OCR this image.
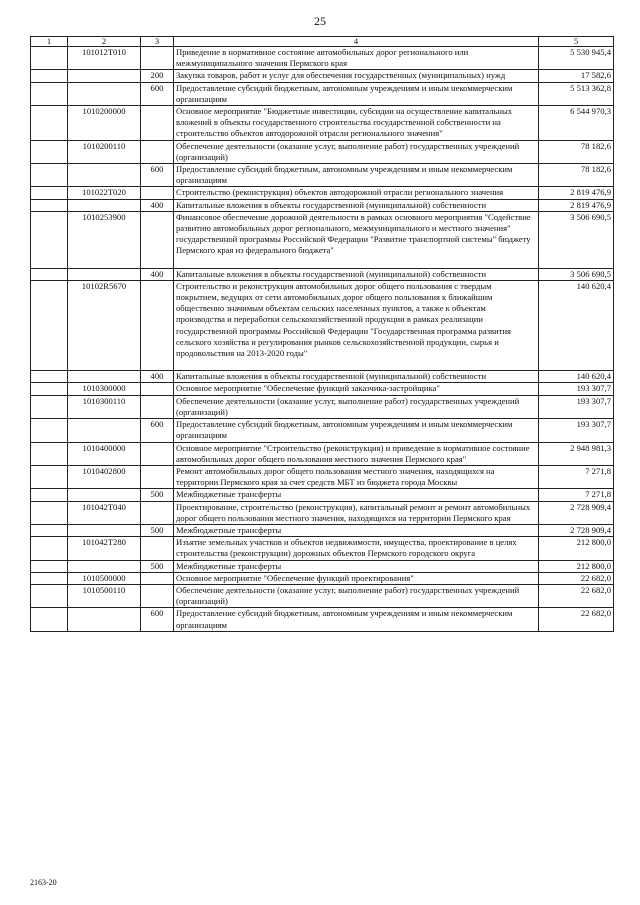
25
1	2	3	4	5
	101012Т010		Приведение в нормативное состояние автомобильных дорог регионального или межмуниципального значения Пермского края	5 530 945,4
		200	Закупка товаров, работ и услуг для обеспечения государственных (муниципальных) нужд	17 582,6
		600	Предоставление субсидий бюджетным, автономным учреждениям и иным некоммерческим организациям	5 513 362,8
	1010200000		Основное мероприятие "Бюджетные инвестиции, субсидии на осуществление капитальных вложений в объекты государственного строительства государственной собственности на строительство объектов автодорожной отрасли регионального значения"	6 544 970,3
	1010200110		Обеспечение деятельности (оказание услуг, выполнение работ) государственных учреждений (организаций)	78 182,6
		600	Предоставление субсидий бюджетным, автономным учреждениям и иным некоммерческим организациям	78 182,6
	101022Т020		Строительство (реконструкция) объектов автодорожной отрасли регионального значения	2 819 476,9
		400	Капитальные вложения в объекты государственной (муниципальной) собственности	2 819 476,9
	1010253900		Финансовое обеспечение дорожной деятельности в рамках основного мероприятия "Содействие развитию автомобильных дорог регионального, межмуниципального и местного значения" государственной программы Российской Федерации "Развитие транспортной системы" бюджету Пермского края из федерального бюджета"	3 506 690,5
		400	Капитальные вложения в объекты государственной (муниципальной) собственности	3 506 690,5
	10102R5670		Строительство и реконструкция автомобильных дорог общего пользования с твердым покрытием, ведущих от сети автомобильных дорог общего пользования к ближайшим общественно значимым объектам сельских населенных пунктов, а также к объектам производства и переработки сельскохозяйственной продукции в рамках реализации государственной программы Российской Федерации "Государственная программа развития сельского хозяйства и регулирования рынков сельскохозяйственной продукции, сырья и продовольствия на 2013-2020 годы"	140 620,4
		400	Капитальные вложения в объекты государственной (муниципальной) собственности	140 620,4
	1010300000		Основное мероприятие "Обеспечение функций заказчика-застройщика"	193 307,7
	1010300110		Обеспечение деятельности (оказание услуг, выполнение работ) государственных учреждений (организаций)	193 307,7
		600	Предоставление субсидий бюджетным, автономным учреждениям и иным некоммерческим организациям	193 307,7
	1010400000		Основное мероприятие "Строительство (реконструкция) и приведение в нормативное состояние автомобильных дорог общего пользования местного значения Пермского края"	2 948 981,3
	1010402800		Ремонт автомобильных дорог общего пользования местного значения, находящихся на территории Пермского края за счет средств МБТ из бюджета города Москвы	7 271,8
		500	Межбюджетные трансферты	7 271,8
	101042Т040		Проектирование, строительство (реконструкция), капитальный ремонт и ремонт автомобильных дорог общего пользования местного значения, находящихся на территории Пермского края	2 728 909,4
		500	Межбюджетные трансферты	2 728 909,4
	101042Т280		Изъятие земельных участков и объектов недвижимости, имущества, проектирование в целях строительства (реконструкции) дорожных объектов Пермского городского округа	212 800,0
		500	Межбюджетные трансферты	212 800,0
	1010500000		Основное мероприятие "Обеспечение функций проектирования"	22 682,0
	1010500110		Обеспечение деятельности (оказание услуг, выполнение работ) государственных учреждений (организаций)	22 682,0
		600	Предоставление субсидий бюджетным, автономным учреждениям и иным некоммерческим организациям	22 682,0
2163-20
